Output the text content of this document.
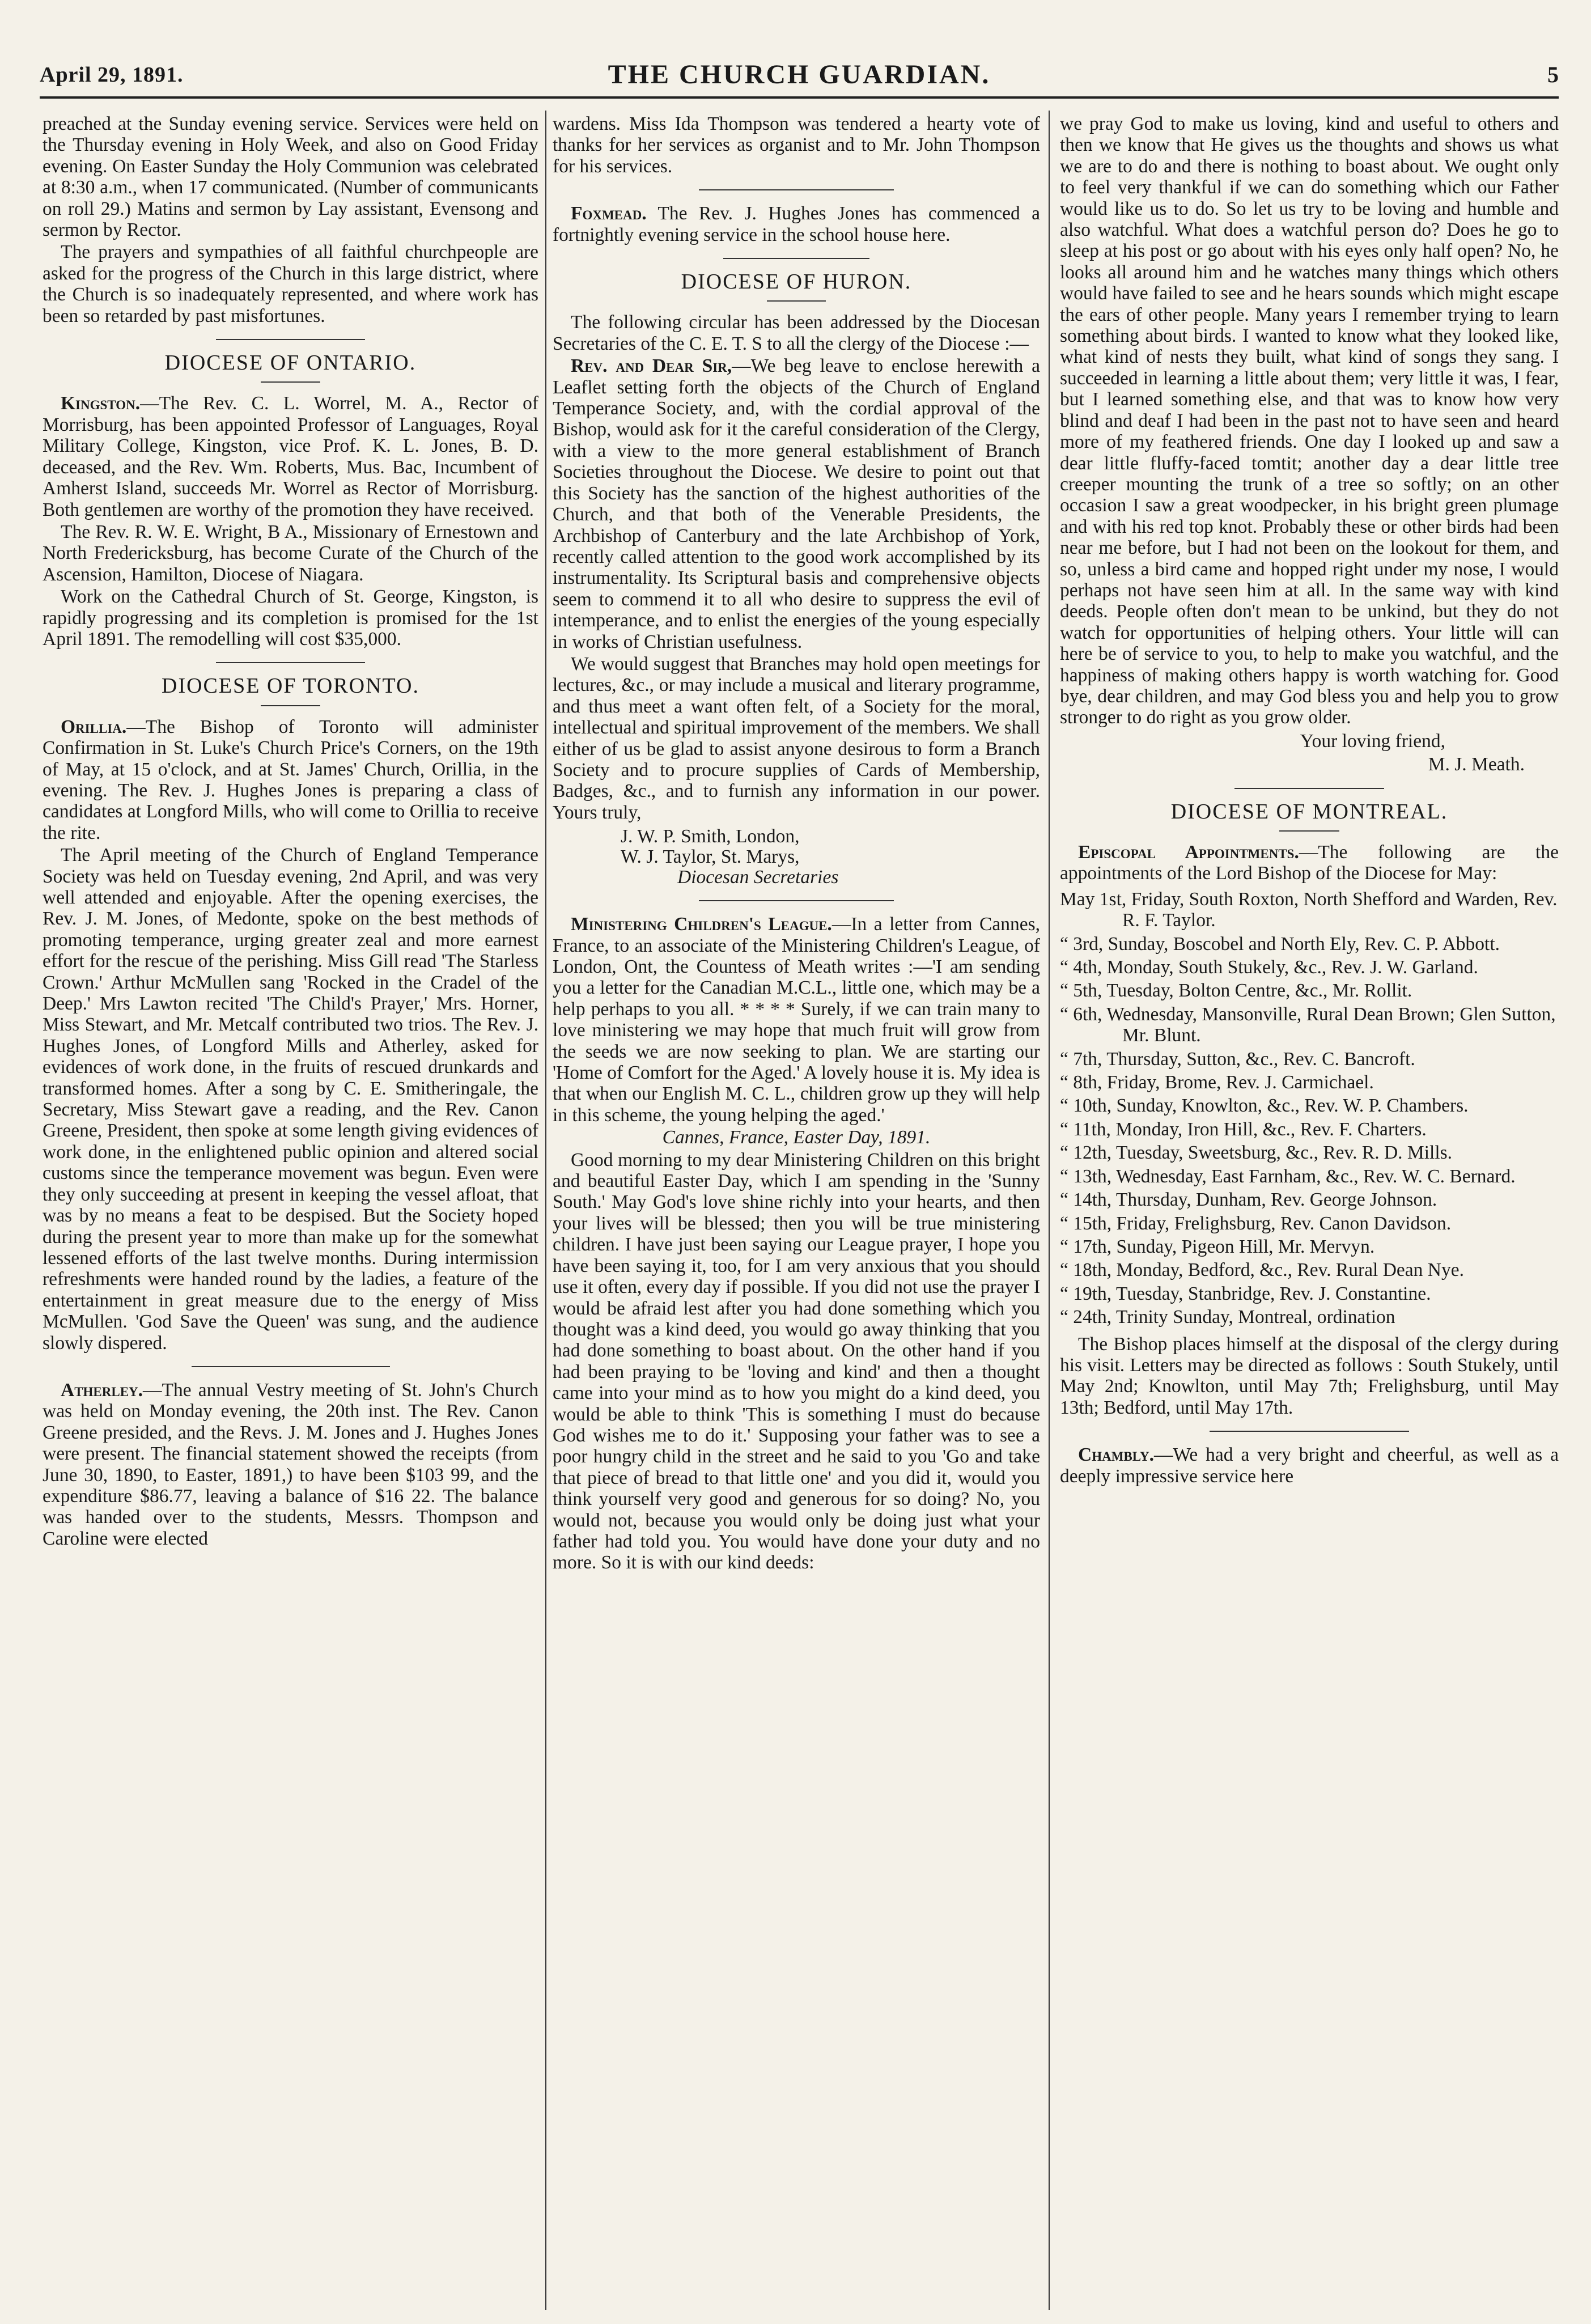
April 29, 1891.	THE CHURCH GUARDIAN.	5

preached at the Sunday evening service. Services were held on the Thursday evening in Holy Week, and also on Good Friday evening. On Easter Sunday the Holy Communion was celebrated at 8:30 a.m., when 17 communicated. (Number of communicants on roll 29.) Matins and sermon by Lay assistant, Evensong and sermon by Rector.

The prayers and sympathies of all faithful churchpeople are asked for the progress of the Church in this large district, where the Church is so inadequately represented, and where work has been so retarded by past misfortunes.

DIOCESE OF ONTARIO.

Kingston.—The Rev. C. L. Worrel, M. A., Rector of Morrisburg, has been appointed Professor of Languages, Royal Military College, Kingston, vice Prof. K. L. Jones, B. D. deceased, and the Rev. Wm. Roberts, Mus. Bac, Incumbent of Amherst Island, succeeds Mr. Worrel as Rector of Morrisburg. Both gentlemen are worthy of the promotion they have received.

The Rev. R. W. E. Wright, B A., Missionary of Ernestown and North Fredericksburg, has become Curate of the Church of the Ascension, Hamilton, Diocese of Niagara.

Work on the Cathedral Church of St. George, Kingston, is rapidly progressing and its completion is promised for the 1st April 1891. The remodelling will cost $35,000.

DIOCESE OF TORONTO.

Orillia.—The Bishop of Toronto will administer Confirmation in St. Luke's Church Price's Corners, on the 19th of May, at 15 o'clock, and at St. James' Church, Orillia, in the evening. The Rev. J. Hughes Jones is preparing a class of candidates at Longford Mills, who will come to Orillia to receive the rite.

The April meeting of the Church of England Temperance Society was held on Tuesday evening, 2nd April, and was very well attended and enjoyable. After the opening exercises, the Rev. J. M. Jones, of Medonte, spoke on the best methods of promoting temperance, urging greater zeal and more earnest effort for the rescue of the perishing. Miss Gill read 'The Starless Crown.' Arthur McMullen sang 'Rocked in the Cradel of the Deep.' Mrs Lawton recited 'The Child's Prayer,' Mrs. Horner, Miss Stewart, and Mr. Metcalf contributed two trios. The Rev. J. Hughes Jones, of Longford Mills and Atherley, asked for evidences of work done, in the fruits of rescued drunkards and transformed homes. After a song by C. E. Smitheringale, the Secretary, Miss Stewart gave a reading, and the Rev. Canon Greene, President, then spoke at some length giving evidences of work done, in the enlightened public opinion and altered social customs since the temperance movement was begun. Even were they only succeeding at present in keeping the vessel afloat, that was by no means a feat to be despised. But the Society hoped during the present year to more than make up for the somewhat lessened efforts of the last twelve months. During intermission refreshments were handed round by the ladies, a feature of the entertainment in great measure due to the energy of Miss McMullen. 'God Save the Queen' was sung, and the audience slowly dispered.

Atherley.—The annual Vestry meeting of St. John's Church was held on Monday evening, the 20th inst. The Rev. Canon Greene presided, and the Revs. J. M. Jones and J. Hughes Jones were present. The financial statement showed the receipts (from June 30, 1890, to Easter, 1891,) to have been $103 99, and the expenditure $86.77, leaving a balance of $16 22. The balance was handed over to the students, Messrs. Thompson and Caroline were elected

wardens. Miss Ida Thompson was tendered a hearty vote of thanks for her services as organist and to Mr. John Thompson for his services.

Foxmead. The Rev. J. Hughes Jones has commenced a fortnightly evening service in the school house here.

DIOCESE OF HURON.

The following circular has been addressed by the Diocesan Secretaries of the C. E. T. S to all the clergy of the Diocese :—

Rev. and Dear Sir,—We beg leave to enclose herewith a Leaflet setting forth the objects of the Church of England Temperance Society, and, with the cordial approval of the Bishop, would ask for it the careful consideration of the Clergy, with a view to the more general establishment of Branch Societies throughout the Diocese. We desire to point out that this Society has the sanction of the highest authorities of the Church, and that both of the Venerable Presidents, the Archbishop of Canterbury and the late Archbishop of York, recently called attention to the good work accomplished by its instrumentality. Its Scriptural basis and comprehensive objects seem to commend it to all who desire to suppress the evil of intemperance, and to enlist the energies of the young especially in works of Christian usefulness.

We would suggest that Branches may hold open meetings for lectures, &c., or may include a musical and literary programme, and thus meet a want often felt, of a Society for the moral, intellectual and spiritual improvement of the members. We shall either of us be glad to assist anyone desirous to form a Branch Society and to procure supplies of Cards of Membership, Badges, &c., and to furnish any information in our power. Yours truly,

J. W. P. Smith, London,
W. J. Taylor, St. Marys,
Diocesan Secretaries

Ministering Children's League.—In a letter from Cannes, France, to an associate of the Ministering Children's League, of London, Ont, the Countess of Meath writes :—'I am sending you a letter for the Canadian M.C.L., little one, which may be a help perhaps to you all. * * * * Surely, if we can train many to love ministering we may hope that much fruit will grow from the seeds we are now seeking to plan. We are starting our 'Home of Comfort for the Aged.' A lovely house it is. My idea is that when our English M. C. L., children grow up they will help in this scheme, the young helping the aged.'

Cannes, France, Easter Day, 1891.

Good morning to my dear Ministering Children on this bright and beautiful Easter Day, which I am spending in the 'Sunny South.' May God's love shine richly into your hearts, and then your lives will be blessed; then you will be true ministering children. I have just been saying our League prayer, I hope you have been saying it, too, for I am very anxious that you should use it often, every day if possible. If you did not use the prayer I would be afraid lest after you had done something which you thought was a kind deed, you would go away thinking that you had done something to boast about. On the other hand if you had been praying to be 'loving and kind' and then a thought came into your mind as to how you might do a kind deed, you would be able to think 'This is something I must do because God wishes me to do it.' Supposing your father was to see a poor hungry child in the street and he said to you 'Go and take that piece of bread to that little one' and you did it, would you think yourself very good and generous for so doing? No, you would not, because you would only be doing just what your father had told you. You would have done your duty and no more. So it is with our kind deeds:

we pray God to make us loving, kind and useful to others and then we know that He gives us the thoughts and shows us what we are to do and there is nothing to boast about. We ought only to feel very thankful if we can do something which our Father would like us to do. So let us try to be loving and humble and also watchful. What does a watchful person do? Does he go to sleep at his post or go about with his eyes only half open? No, he looks all around him and he watches many things which others would have failed to see and he hears sounds which might escape the ears of other people. Many years I remember trying to learn something about birds. I wanted to know what they looked like, what kind of nests they built, what kind of songs they sang. I succeeded in learning a little about them; very little it was, I fear, but I learned something else, and that was to know how very blind and deaf I had been in the past not to have seen and heard more of my feathered friends. One day I looked up and saw a dear little fluffy-faced tomtit; another day a dear little tree creeper mounting the trunk of a tree so softly; on an other occasion I saw a great woodpecker, in his bright green plumage and with his red top knot. Probably these or other birds had been near me before, but I had not been on the lookout for them, and so, unless a bird came and hopped right under my nose, I would perhaps not have seen him at all. In the same way with kind deeds. People often don't mean to be unkind, but they do not watch for opportunities of helping others. Your little will can here be of service to you, to help to make you watchful, and the happiness of making others happy is worth watching for. Good bye, dear children, and may God bless you and help you to grow stronger to do right as you grow older.

Your loving friend,
M. J. Meath.
DIOCESE OF MONTREAL.

Episcopal Appointments.—The following are the appointments of the Lord Bishop of the Diocese for May:

May 1st, Friday, South Roxton, North Shefford and Warden, Rev. R. F. Taylor.
“ 3rd, Sunday, Boscobel and North Ely, Rev. C. P. Abbott.
“ 4th, Monday, South Stukely, &c., Rev. J. W. Garland.
“ 5th, Tuesday, Bolton Centre, &c., Mr. Rollit.
“ 6th, Wednesday, Mansonville, Rural Dean Brown; Glen Sutton, Mr. Blunt.
“ 7th, Thursday, Sutton, &c., Rev. C. Bancroft.
“ 8th, Friday, Brome, Rev. J. Carmichael.
“ 10th, Sunday, Knowlton, &c., Rev. W. P. Chambers.
“ 11th, Monday, Iron Hill, &c., Rev. F. Charters.
“ 12th, Tuesday, Sweetsburg, &c., Rev. R. D. Mills.
“ 13th, Wednesday, East Farnham, &c., Rev. W. C. Bernard.
“ 14th, Thursday, Dunham, Rev. George Johnson.
“ 15th, Friday, Frelighsburg, Rev. Canon Davidson.
“ 17th, Sunday, Pigeon Hill, Mr. Mervyn.
“ 18th, Monday, Bedford, &c., Rev. Rural Dean Nye.
“ 19th, Tuesday, Stanbridge, Rev. J. Constantine.
“ 24th, Trinity Sunday, Montreal, ordination

The Bishop places himself at the disposal of the clergy during his visit. Letters may be directed as follows : South Stukely, until May 2nd; Knowlton, until May 7th; Frelighsburg, until May 13th; Bedford, until May 17th.

Chambly.—We had a very bright and cheerful, as well as a deeply impressive service here
